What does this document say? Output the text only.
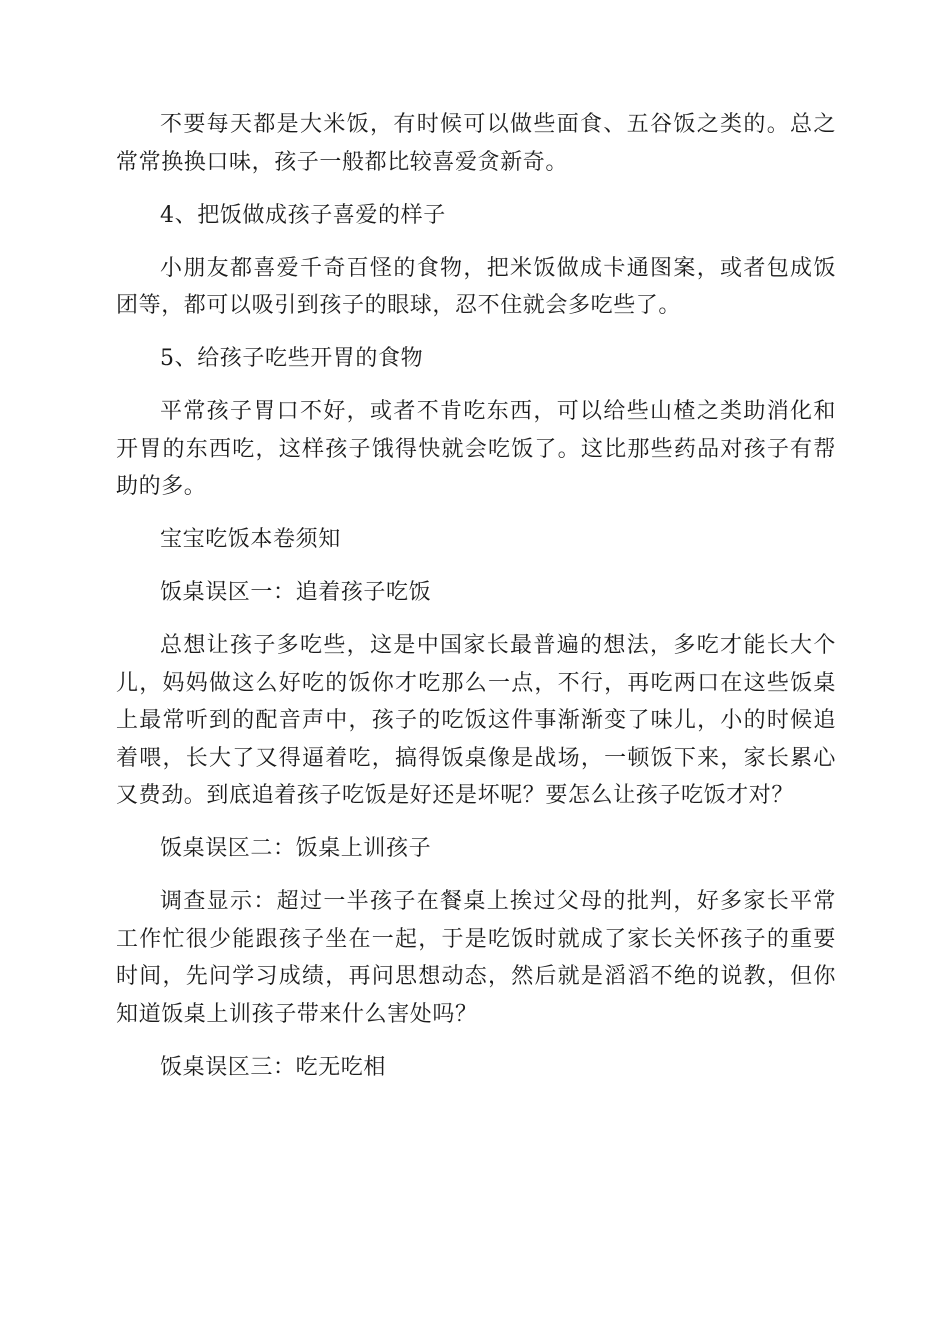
不要每天都是大米饭，有时候可以做些面食、五谷饭之类的。总之常常换换口味，孩子一般都比较喜爱贪新奇。

4、把饭做成孩子喜爱的样子

小朋友都喜爱千奇百怪的食物，把米饭做成卡通图案，或者包成饭团等，都可以吸引到孩子的眼球，忍不住就会多吃些了。

5、给孩子吃些开胃的食物

平常孩子胃口不好，或者不肯吃东西，可以给些山楂之类助消化和开胃的东西吃，这样孩子饿得快就会吃饭了。这比那些药品对孩子有帮助的多。

宝宝吃饭本卷须知

饭桌误区一：追着孩子吃饭

总想让孩子多吃些，这是中国家长最普遍的想法，多吃才能长大个儿，妈妈做这么好吃的饭你才吃那么一点，不行，再吃两口在这些饭桌上最常听到的配音声中，孩子的吃饭这件事渐渐变了味儿，小的时候追着喂，长大了又得逼着吃，搞得饭桌像是战场，一顿饭下来，家长累心又费劲。到底追着孩子吃饭是好还是坏呢？要怎么让孩子吃饭才对？

饭桌误区二：饭桌上训孩子

调查显示：超过一半孩子在餐桌上挨过父母的批判，好多家长平常工作忙很少能跟孩子坐在一起，于是吃饭时就成了家长关怀孩子的重要时间，先问学习成绩，再问思想动态，然后就是滔滔不绝的说教，但你知道饭桌上训孩子带来什么害处吗？

饭桌误区三：吃无吃相
